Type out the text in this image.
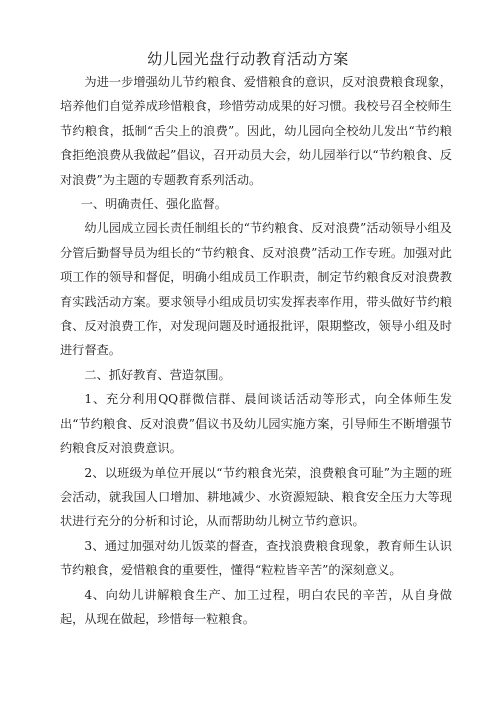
幼儿园光盘行动教育活动方案

为进一步增强幼儿节约粮食、爱惜粮食的意识，反对浪费粮食现象，培养他们自觉养成珍惜粮食，珍惜劳动成果的好习惯。我校号召全校师生节约粮食，抵制“舌尖上的浪费”。因此，幼儿园向全校幼儿发出“节约粮食拒绝浪费从我做起”倡议，召开动员大会，幼儿园举行以“节约粮食、反对浪费”为主题的专题教育系列活动。

一、明确责任、强化监督。

幼儿园成立园长责任制组长的“节约粮食、反对浪费”活动领导小组及分管后勤督导员为组长的“节约粮食、反对浪费”活动工作专班。加强对此项工作的领导和督促，明确小组成员工作职责，制定节约粮食反对浪费教育实践活动方案。要求领导小组成员切实发挥表率作用，带头做好节约粮食、反对浪费工作，对发现问题及时通报批评，限期整改，领导小组及时进行督查。

二、抓好教育、营造氛围。

1、充分利用QQ群微信群、晨间谈话活动等形式，向全体师生发出“节约粮食、反对浪费”倡议书及幼儿园实施方案，引导师生不断增强节约粮食反对浪费意识。

2、以班级为单位开展以“节约粮食光荣，浪费粮食可耻”为主题的班会活动，就我国人口增加、耕地减少、水资源短缺、粮食安全压力大等现状进行充分的分析和讨论，从而帮助幼儿树立节约意识。

3、通过加强对幼儿饭菜的督查，查找浪费粮食现象，教育师生认识节约粮食，爱惜粮食的重要性，懂得“粒粒皆辛苦”的深刻意义。

4、向幼儿讲解粮食生产、加工过程，明白农民的辛苦，从自身做起，从现在做起，珍惜每一粒粮食。
